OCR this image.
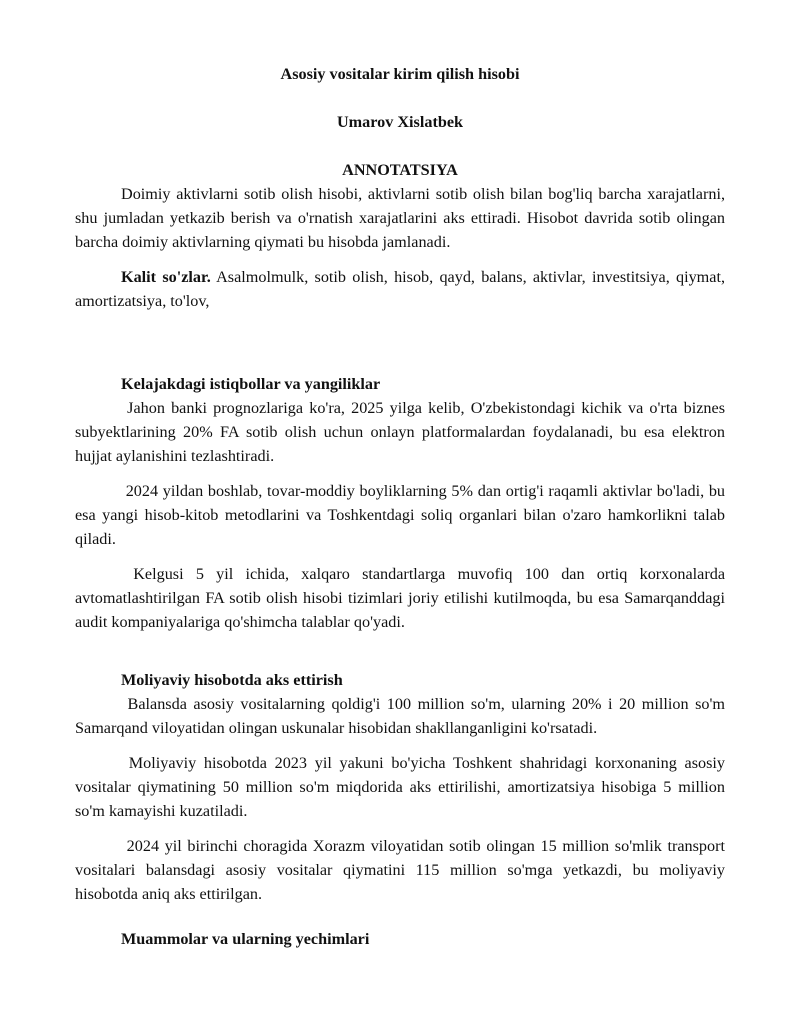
Asosiy vositalar kirim qilish hisobi

Umarov Xislatbek

ANNOTATSIYA

Doimiy aktivlarni sotib olish hisobi, aktivlarni sotib olish bilan bog'liq barcha xarajatlarni, shu jumladan yetkazib berish va o'rnatish xarajatlarini aks ettiradi. Hisobot davrida sotib olingan barcha doimiy aktivlarning qiymati bu hisobda jamlanadi.

Kalit so'zlar. Asalmolmulk, sotib olish, hisob, qayd, balans, aktivlar, investitsiya, qiymat, amortizatsiya, to'lov,

Kelajakdagi istiqbollar va yangiliklar

Jahon banki prognozlariga ko'ra, 2025 yilga kelib, O'zbekistondagi kichik va o'rta biznes subyektlarining 20% FA sotib olish uchun onlayn platformalardan foydalanadi, bu esa elektron hujjat aylanishini tezlashtiradi.

2024 yildan boshlab, tovar-moddiy boyliklarning 5% dan ortig'i raqamli aktivlar bo'ladi, bu esa yangi hisob-kitob metodlarini va Toshkentdagi soliq organlari bilan o'zaro hamkorlikni talab qiladi.

Kelgusi 5 yil ichida, xalqaro standartlarga muvofiq 100 dan ortiq korxonalarda avtomatlashtirilgan FA sotib olish hisobi tizimlari joriy etilishi kutilmoqda, bu esa Samarqanddagi audit kompaniyalariga qo'shimcha talablar qo'yadi.

Moliyaviy hisobotda aks ettirish

Balansda asosiy vositalarning qoldig'i 100 million so'm, ularning 20% i 20 million so'm Samarqand viloyatidan olingan uskunalar hisobidan shakllanganligini ko'rsatadi.

Moliyaviy hisobotda 2023 yil yakuni bo'yicha Toshkent shahridagi korxonaning asosiy vositalar qiymatining 50 million so'm miqdorida aks ettirilishi, amortizatsiya hisobiga 5 million so'm kamayishi kuzatiladi.

2024 yil birinchi choragida Xorazm viloyatidan sotib olingan 15 million so'mlik transport vositalari balansdagi asosiy vositalar qiymatini 115 million so'mga yetkazdi, bu moliyaviy hisobotda aniq aks ettirilgan.

Muammolar va ularning yechimlari
